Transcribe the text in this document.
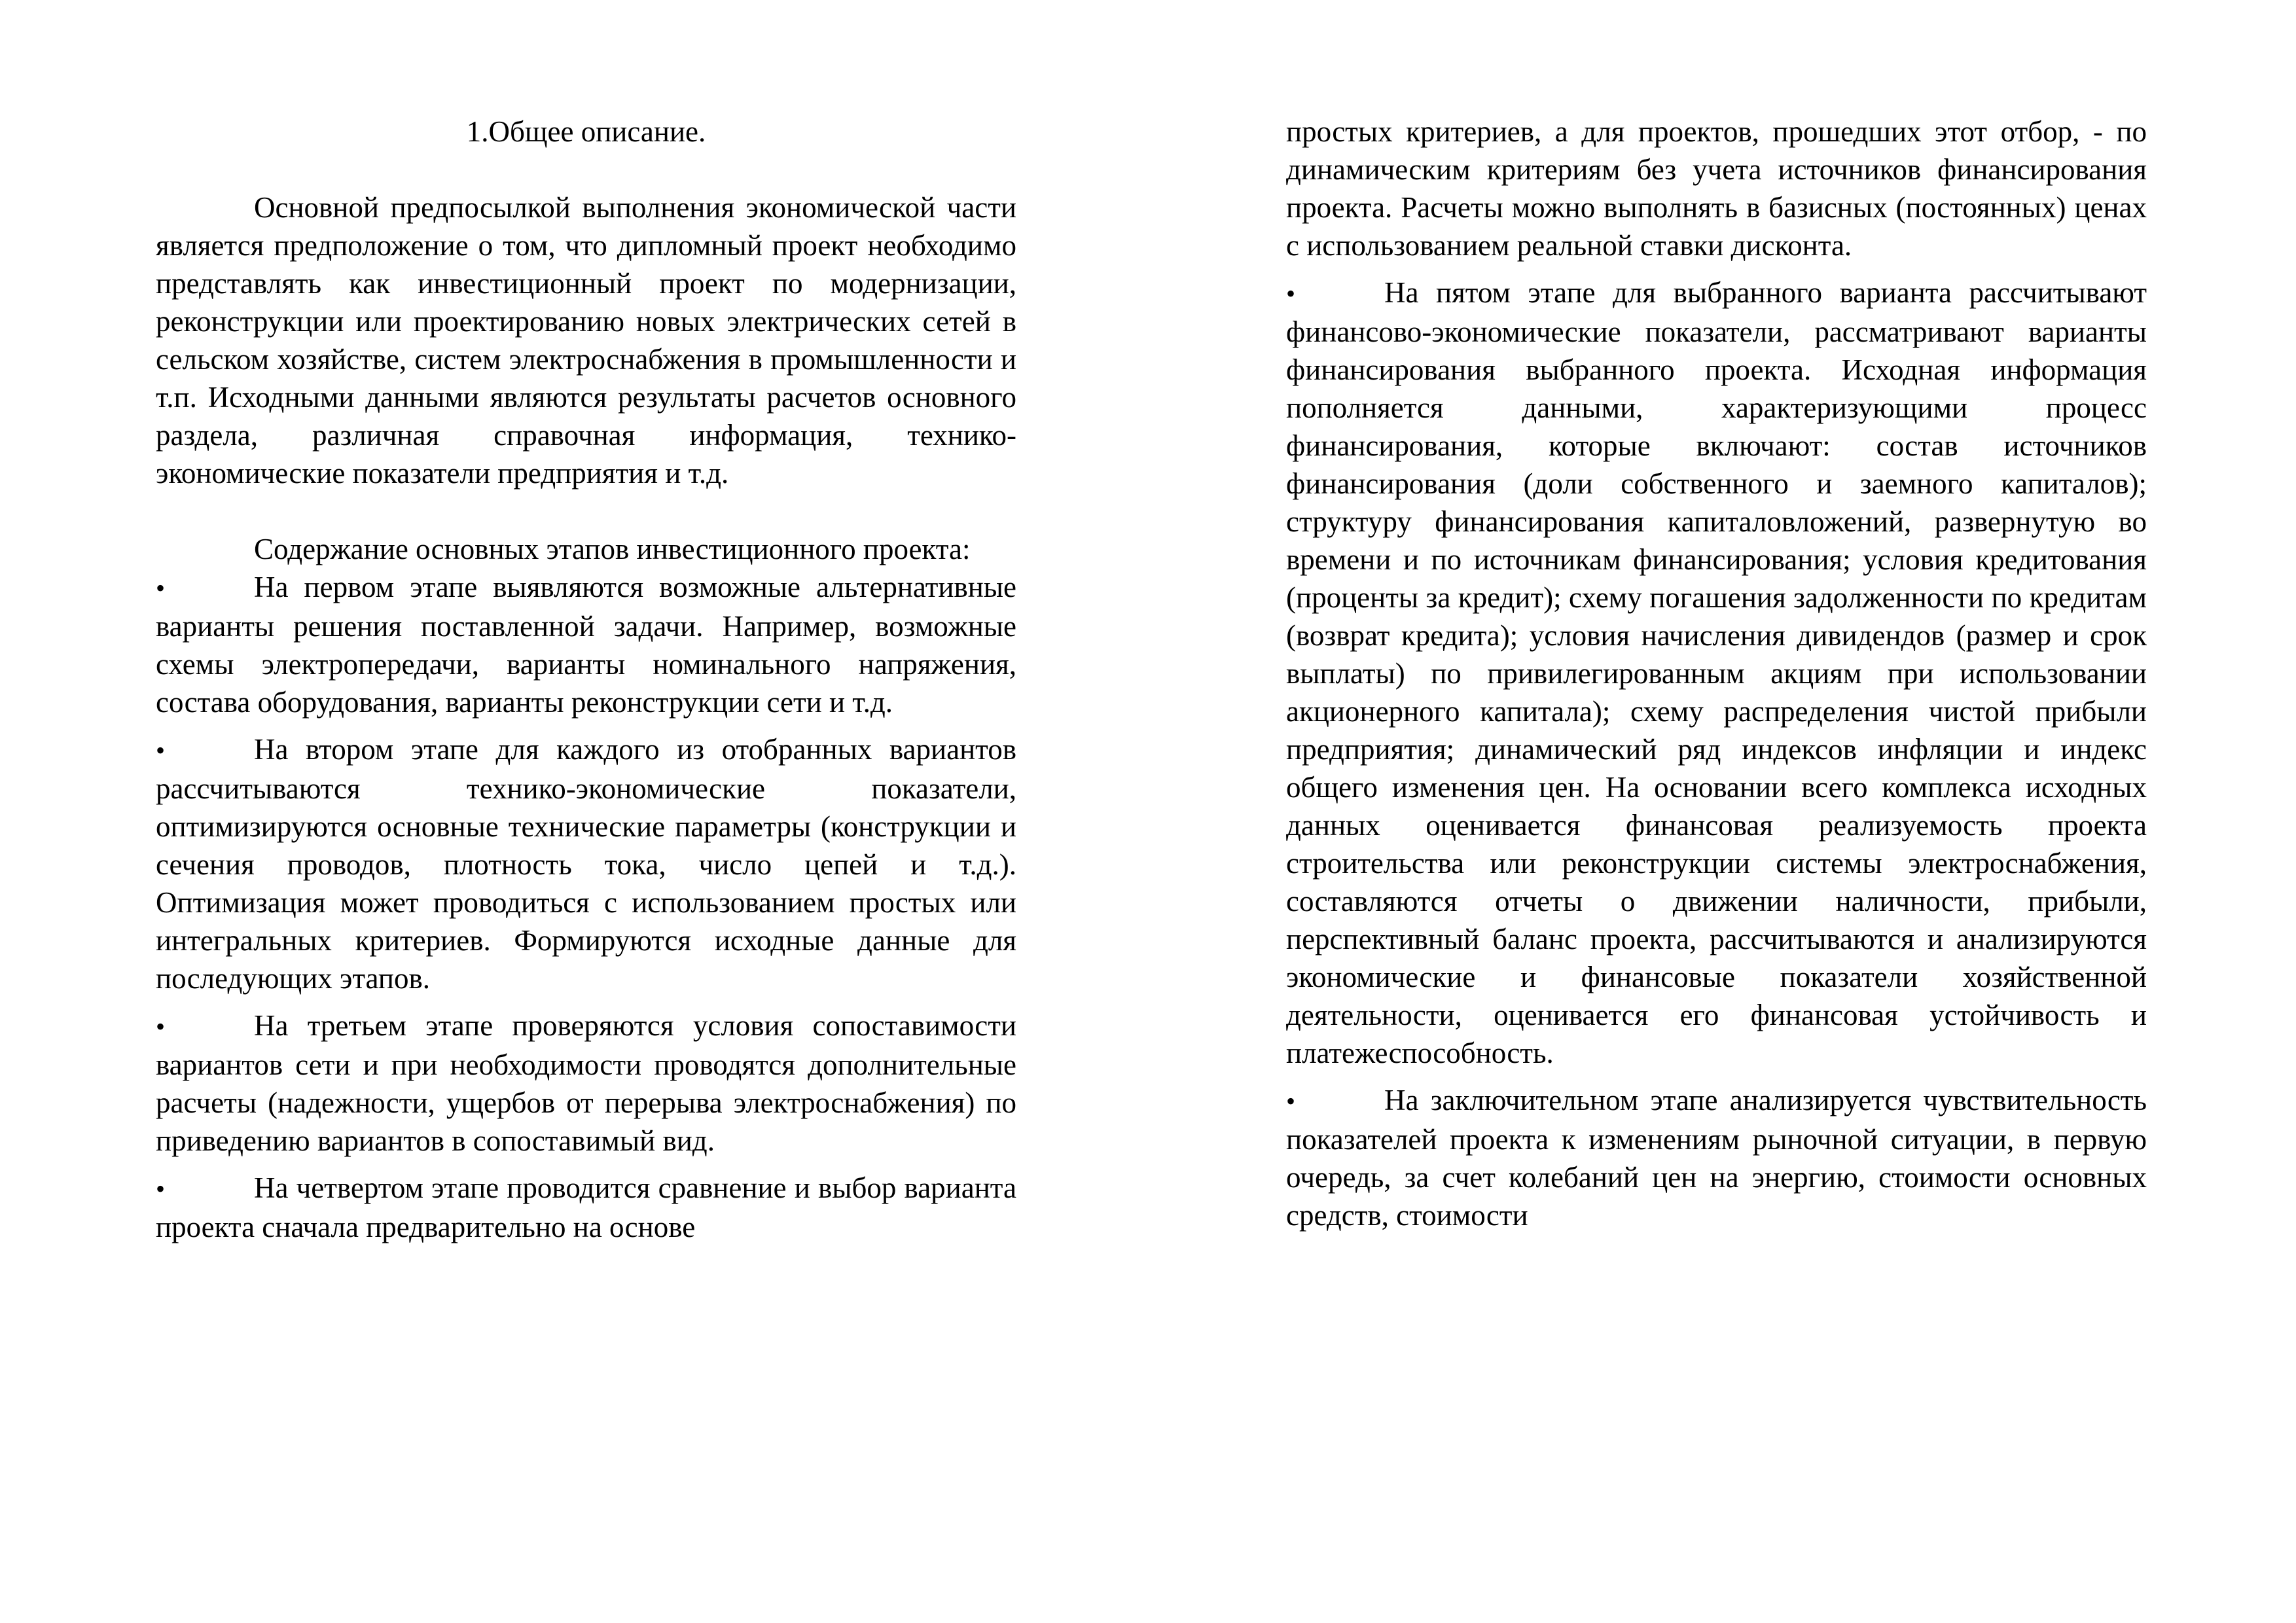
1.Общее описание.

Основной предпосылкой выполнения экономической части является предположение о том, что дипломный проект необходимо представлять как инвестиционный проект по модернизации, реконструкции или проектированию новых электрических сетей в сельском хозяйстве, систем электроснабжения в промышленности и т.п. Исходными данными являются результаты расчетов основного раздела, различная справочная информация, технико-экономические показатели предприятия и т.д.

Содержание основных этапов инвестиционного проекта:

•	На первом этапе выявляются возможные альтернативные варианты решения поставленной задачи. Например, возможные схемы электропередачи, варианты номинального напряжения, состава оборудования, варианты реконструкции сети и т.д.

•	На втором этапе для каждого из отобранных вариантов рассчитываются технико-экономические показатели, оптимизируются основные технические параметры (конструкции и сечения проводов, плотность тока, число цепей и т.д.). Оптимизация может проводиться с использованием простых или интегральных критериев. Формируются исходные данные для последующих этапов.

•	На третьем этапе проверяются условия сопоставимости вариантов сети и при необходимости проводятся дополнительные расчеты (надежности, ущербов от перерыва электроснабжения) по приведению вариантов в сопоставимый вид.

•	На четвертом этапе проводится сравнение и выбор варианта проекта сначала предварительно на основе

простых критериев, а для проектов, прошедших этот отбор, - по динамическим критериям без учета источников финансирования проекта. Расчеты можно выполнять в базисных (постоянных) ценах с использованием реальной ставки дисконта.

•	На пятом этапе для выбранного варианта рассчитывают финансово-экономические показатели, рассматривают варианты финансирования выбранного проекта. Исходная информация пополняется данными, характеризующими процесс финансирования, которые включают: состав источников финансирования (доли собственного и заемного капиталов); структуру финансирования капиталовложений, развернутую во времени и по источникам финансирования; условия кредитования (проценты за кредит); схему погашения задолженности по кредитам (возврат кредита); условия начисления дивидендов (размер и срок выплаты) по привилегированным акциям при использовании акционерного капитала); схему распределения чистой прибыли предприятия; динамический ряд индексов инфляции и индекс общего изменения цен. На основании всего комплекса исходных данных оценивается финансовая реализуемость проекта строительства или реконструкции системы электроснабжения, составляются отчеты о движении наличности, прибыли, перспективный баланс проекта, рассчитываются и анализируются экономические и финансовые показатели хозяйственной деятельности, оценивается его финансовая устойчивость и платежеспособность.

•	На заключительном этапе анализируется чувствительность показателей проекта к изменениям рыночной ситуации, в первую очередь, за счет колебаний цен на энергию, стоимости основных средств, стоимости
